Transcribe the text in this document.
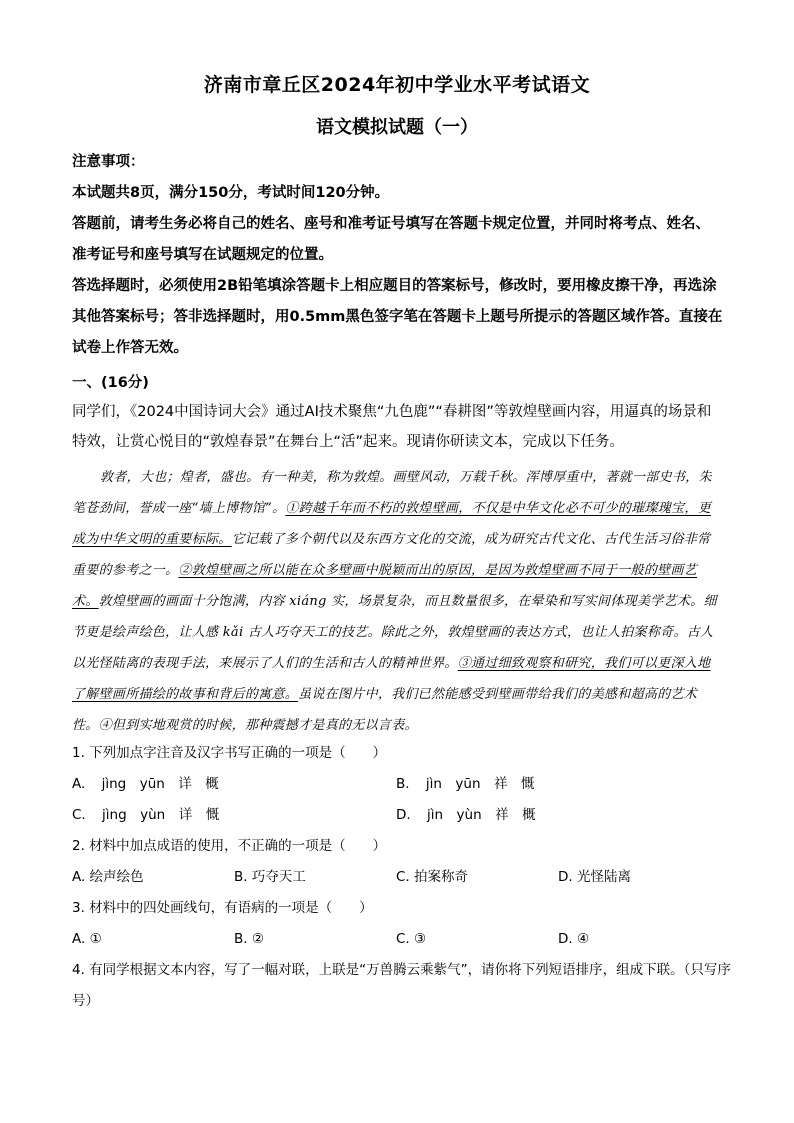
济南市章丘区2024年初中学业水平考试语文
语文模拟试题（一）

注意事项：

本试题共8页，满分150分，考试时间120分钟。

答题前，请考生务必将自己的姓名、座号和准考证号填写在答题卡规定位置，并同时将考点、姓名、准考证号和座号填写在试题规定的位置。

答选择题时，必须使用2B铅笔填涂答题卡上相应题目的答案标号，修改时，要用橡皮擦干净，再选涂其他答案标号；答非选择题时，用0.5mm黑色签字笔在答题卡上题号所提示的答题区域作答。直接在试卷上作答无效。

一、(16分)

同学们，《2024中国诗词大会》通过AI技术聚焦“九色鹿”“春耕图”等敦煌壁画内容，用逼真的场景和特效，让赏心悦目的“敦煌春景”在舞台上“活”起来。现请你研读文本，完成以下任务。

敦者，大也；煌者，盛也。有一种美，称为敦煌。画壁风动，万载千秋。浑博厚重中，著就一部史书，朱笔苍劲间，誉成一座“墙上博物馆”。①跨越千年而不朽的敦煌壁画，不仅是中华文化必不可少的璀璨瑰宝，更成为中华文明的重要标际。它记载了多个朝代以及东西方文化的交流，成为研究古代文化、古代生活习俗非常重要的参考之一。②敦煌壁画之所以能在众多壁画中脱颖而出的原因，是因为敦煌壁画不同于一般的壁画艺术。敦煌壁画的画面十分饱满，内容 xiáng 实，场景复杂，而且数量很多，在晕染和写实间体现美学艺术。细节更是绘声绘色，让人感 kǎi 古人巧夺天工的技艺。除此之外，敦煌壁画的表达方式，也让人拍案称奇。古人以光怪陆离的表现手法，来展示了人们的生活和古人的精神世界。③通过细致观察和研究，我们可以更深入地了解壁画所描绘的故事和背后的寓意。虽说在图片中，我们已然能感受到壁画带给我们的美感和超高的艺术性。④但到实地观赏的时候，那种震撼才是真的无以言表。

1. 下列加点字注音及汉字书写正确的一项是（　　）
A. jìng　yūn　详　概	B. jìn　yūn　祥　慨
C. jìng　yùn　详　慨	D. jìn　yùn　祥　概
2. 材料中加点成语的使用，不正确的一项是（　　）
A. 绘声绘色	B. 巧夺天工	C. 拍案称奇	D. 光怪陆离
3. 材料中的四处画线句，有语病的一项是（　　）
A. ①	B. ②	C. ③	D. ④
4. 有同学根据文本内容，写了一幅对联，上联是“万兽腾云乘紫气”，请你将下列短语排序，组成下联。（只写序号）
